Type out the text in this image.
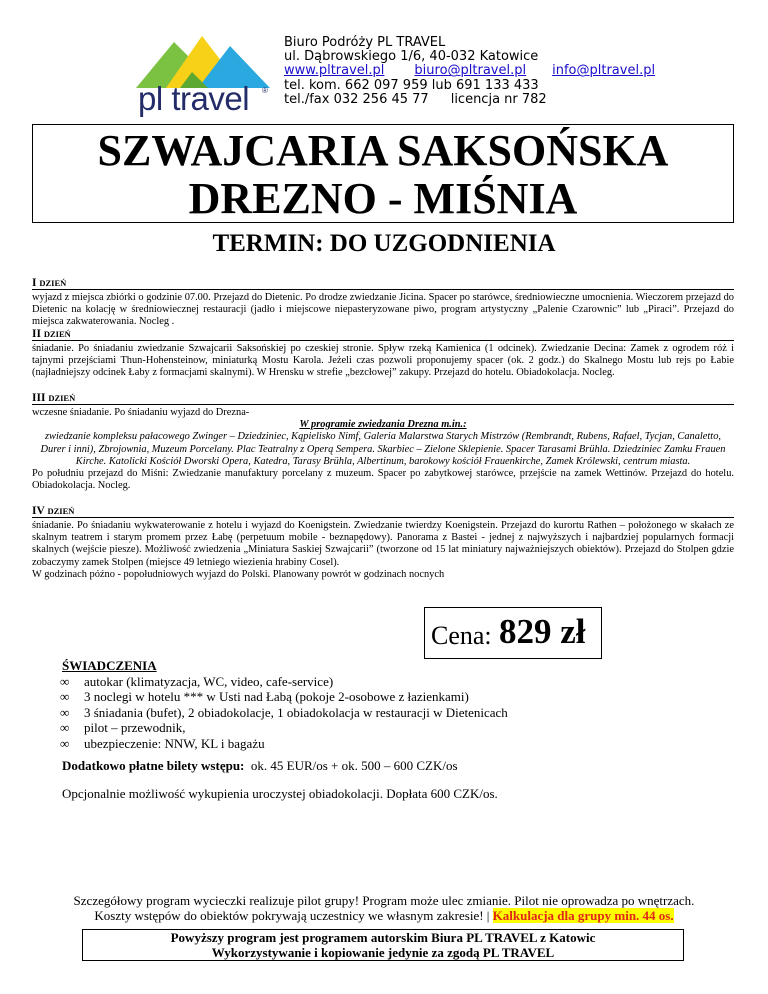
pl travel ®
Biuro Podróży PL TRAVEL
ul. Dąbrowskiego 1/6, 40-032 Katowice
www.pltravel.pl biuro@pltravel.pl info@pltravel.pl
tel. kom. 662 097 959 lub 691 133 433
tel./fax 032 256 45 77 licencja nr 782
SZWAJCARIA SAKSOŃSKA
DREZNO - MIŚNIA
TERMIN: DO UZGODNIENIA
I DZIEŃ
wyjazd z miejsca zbiórki o godzinie 07.00. Przejazd do Dietenic. Po drodze zwiedzanie Jicina. Spacer po starówce, średniowieczne umocnienia. Wieczorem przejazd do Dietenic na kolację w średniowiecznej restauracji (jadło i miejscowe niepasteryzowane piwo, program artystyczny „Palenie Czarownic” lub „Piraci”. Przejazd do miejsca zakwaterowania. Nocleg .
II DZIEŃ
śniadanie. Po śniadaniu zwiedzanie Szwajcarii Saksońskiej po czeskiej stronie. Spływ rzeką Kamienica (1 odcinek). Zwiedzanie Decina: Zamek z ogrodem róż i tajnymi przejściami Thun-Hohensteinow, miniaturką Mostu Karola. Jeżeli czas pozwoli proponujemy spacer (ok. 2 godz.) do Skalnego Mostu lub rejs po Łabie (najładniejszy odcinek Łaby z formacjami skalnymi). W Hrensku w strefie „bezcłowej” zakupy. Przejazd do hotelu. Obiadokolacja. Nocleg.
III DZIEŃ
wczesne śniadanie. Po śniadaniu wyjazd do Drezna-
W programie zwiedzania Drezna m.in.:
zwiedzanie kompleksu pałacowego Zwinger – Dziedziniec, Kąpielisko Nimf, Galeria Malarstwa Starych Mistrzów (Rembrandt, Rubens, Rafael, Tycjan, Canaletto, Durer i inni), Zbrojownia, Muzeum Porcelany. Plac Teatralny z Operą Sempera. Skarbiec – Zielone Sklepienie. Spacer Tarasami Brühla. Dziedziniec Zamku Frauen Kirche. Katolicki Kościół Dworski Opera, Katedra, Tarasy Brühla, Albertinum, barokowy kościół Frauenkirche, Zamek Królewski, centrum miasta.
Po południu przejazd do Miśni: Zwiedzanie manufaktury porcelany z muzeum. Spacer po zabytkowej starówce, przejście na zamek Wettinów. Przejazd do hotelu. Obiadokolacja. Nocleg.
IV DZIEŃ
śniadanie. Po śniadaniu wykwaterowanie z hotelu i wyjazd do Koenigstein. Zwiedzanie twierdzy Koenigstein. Przejazd do kurortu Rathen – położonego w skałach ze skalnym teatrem i starym promem przez Łabę (perpetuum mobile - beznapędowy). Panorama z Bastei - jednej z najwyższych i najbardziej popularnych formacji skalnych (wejście piesze). Możliwość zwiedzenia „Miniatura Saskiej Szwajcarii” (tworzone od 15 lat miniatury najważniejszych obiektów). Przejazd do Stolpen gdzie zobaczymy zamek Stolpen (miejsce 49 letniego wiezienia hrabiny Cosel).
W godzinach późno - popołudniowych wyjazd do Polski. Planowany powrót w godzinach nocnych
Cena: 829 zł
ŚWIADCZENIA
∞ autokar (klimatyzacja, WC, video, cafe-service)
∞ 3 noclegi w hotelu *** w Usti nad Łabą (pokoje 2-osobowe z łazienkami)
∞ 3 śniadania (bufet), 2 obiadokolacje, 1 obiadokolacja w restauracji w Dietenicach
∞ pilot – przewodnik,
∞ ubezpieczenie: NNW, KL i bagażu
Dodatkowo płatne bilety wstępu: ok. 45 EUR/os + ok. 500 – 600 CZK/os
Opcjonalnie możliwość wykupienia uroczystej obiadokolacji. Dopłata 600 CZK/os.
Szczegółowy program wycieczki realizuje pilot grupy! Program może ulec zmianie. Pilot nie oprowadza po wnętrzach.
Koszty wstępów do obiektów pokrywają uczestnicy we własnym zakresie! | Kalkulacja dla grupy min. 44 os.
Powyższy program jest programem autorskim Biura PL TRAVEL z Katowic
Wykorzystywanie i kopiowanie jedynie za zgodą PL TRAVEL
